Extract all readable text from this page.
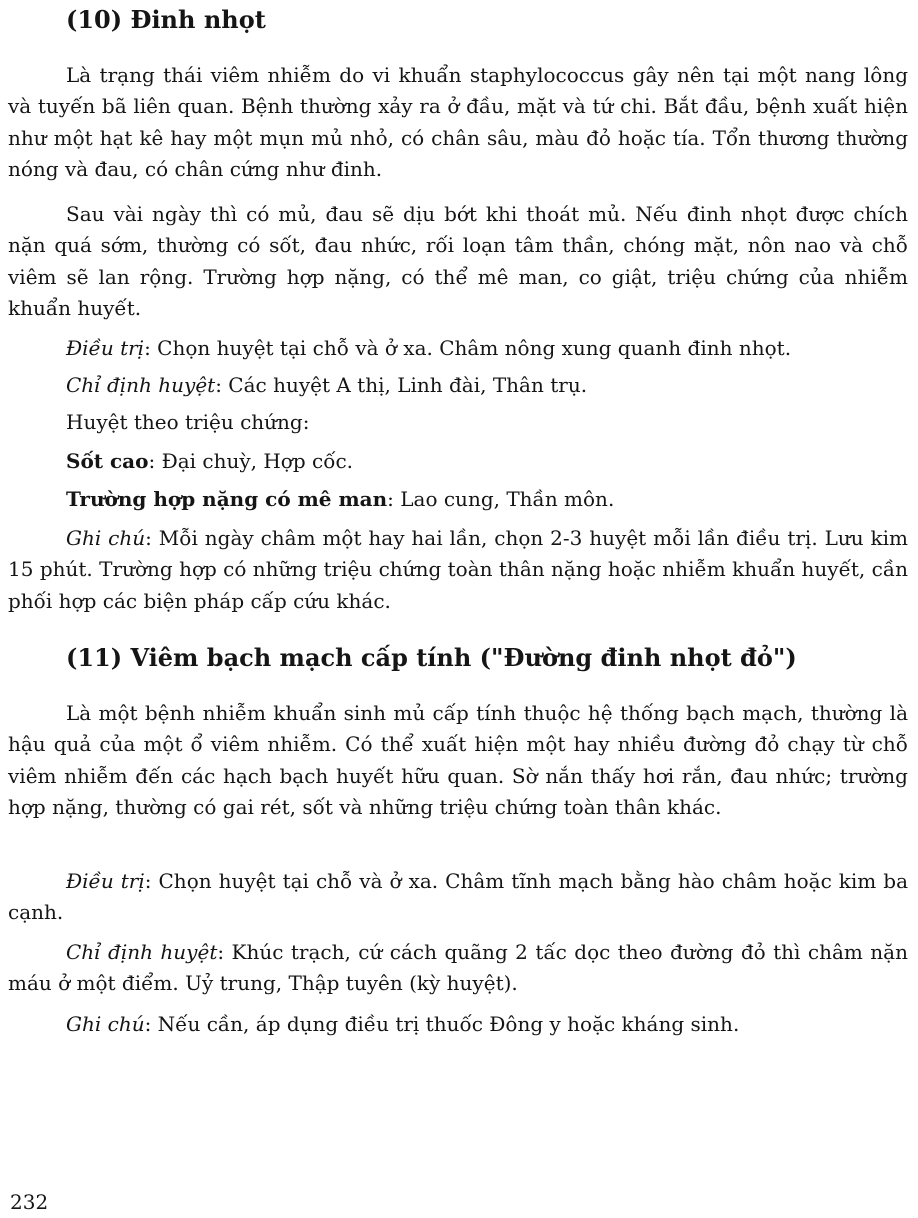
(10) Đinh nhọt

Là trạng thái viêm nhiễm do vi khuẩn staphylococcus gây nên tại một nang lông và tuyến bã liên quan. Bệnh thường xảy ra ở đầu, mặt và tứ chi. Bắt đầu, bệnh xuất hiện như một hạt kê hay một mụn mủ nhỏ, có chân sâu, màu đỏ hoặc tía. Tổn thương thường nóng và đau, có chân cứng như đinh.

Sau vài ngày thì có mủ, đau sẽ dịu bớt khi thoát mủ. Nếu đinh nhọt được chích nặn quá sớm, thường có sốt, đau nhức, rối loạn tâm thần, chóng mặt, nôn nao và chỗ viêm sẽ lan rộng. Trường hợp nặng, có thể mê man, co giật, triệu chứng của nhiễm khuẩn huyết.

Điều trị: Chọn huyệt tại chỗ và ở xa. Châm nông xung quanh đinh nhọt.

Chỉ định huyệt: Các huyệt A thị, Linh đài, Thân trụ.

Huyệt theo triệu chứng:

Sốt cao: Đại chuỳ, Hợp cốc.

Trường hợp nặng có mê man: Lao cung, Thần môn.

Ghi chú: Mỗi ngày châm một hay hai lần, chọn 2-3 huyệt mỗi lần điều trị. Lưu kim 15 phút. Trường hợp có những triệu chứng toàn thân nặng hoặc nhiễm khuẩn huyết, cần phối hợp các biện pháp cấp cứu khác.

(11) Viêm bạch mạch cấp tính ("Đường đinh nhọt đỏ")

Là một bệnh nhiễm khuẩn sinh mủ cấp tính thuộc hệ thống bạch mạch, thường là hậu quả của một ổ viêm nhiễm. Có thể xuất hiện một hay nhiều đường đỏ chạy từ chỗ viêm nhiễm đến các hạch bạch huyết hữu quan. Sờ nắn thấy hơi rắn, đau nhức; trường hợp nặng, thường có gai rét, sốt và những triệu chứng toàn thân khác.

Điều trị: Chọn huyệt tại chỗ và ở xa. Châm tĩnh mạch bằng hào châm hoặc kim ba cạnh.

Chỉ định huyệt: Khúc trạch, cứ cách quãng 2 tấc dọc theo đường đỏ thì châm nặn máu ở một điểm. Uỷ trung, Thập tuyên (kỳ huyệt).

Ghi chú: Nếu cần, áp dụng điều trị thuốc Đông y hoặc kháng sinh.

232
